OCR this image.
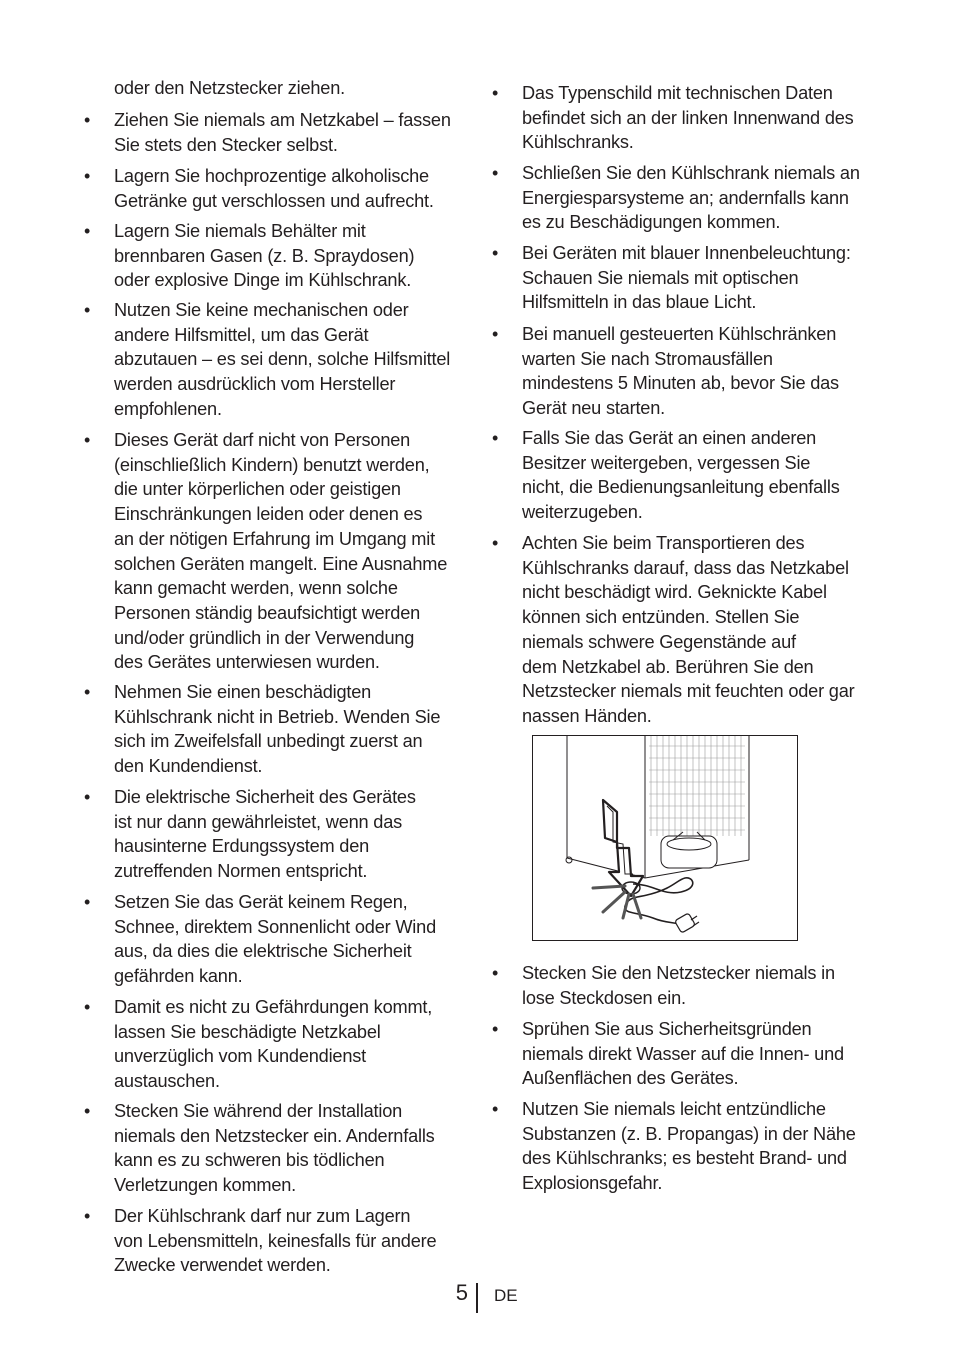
oder den Netzstecker ziehen.
• Ziehen Sie niemals am Netzkabel – fassen
Sie stets den Stecker selbst.
• Lagern Sie hochprozentige alkoholische
Getränke gut verschlossen und aufrecht.
• Lagern Sie niemals Behälter mit
brennbaren Gasen (z. B. Spraydosen)
oder explosive Dinge im Kühlschrank.
• Nutzen Sie keine mechanischen oder
andere Hilfsmittel, um das Gerät
abzutauen – es sei denn, solche Hilfsmittel
werden ausdrücklich vom Hersteller
empfohlenen.
• Dieses Gerät darf nicht von Personen
(einschließlich Kindern) benutzt werden,
die unter körperlichen oder geistigen
Einschränkungen leiden oder denen es
an der nötigen Erfahrung im Umgang mit
solchen Geräten mangelt. Eine Ausnahme
kann gemacht werden, wenn solche
Personen ständig beaufsichtigt werden
und/oder gründlich in der Verwendung
des Gerätes unterwiesen wurden.
• Nehmen Sie einen beschädigten
Kühlschrank nicht in Betrieb. Wenden Sie
sich im Zweifelsfall unbedingt zuerst an
den Kundendienst.
• Die elektrische Sicherheit des Gerätes
ist nur dann gewährleistet, wenn das
hausinterne Erdungssystem den
zutreffenden Normen entspricht.
• Setzen Sie das Gerät keinem Regen,
Schnee, direktem Sonnenlicht oder Wind
aus, da dies die elektrische Sicherheit
gefährden kann.
• Damit es nicht zu Gefährdungen kommt,
lassen Sie beschädigte Netzkabel
unverzüglich vom Kundendienst
austauschen.
• Stecken Sie während der Installation
niemals den Netzstecker ein. Andernfalls
kann es zu schweren bis tödlichen
Verletzungen kommen.
• Der Kühlschrank darf nur zum Lagern
von Lebensmitteln, keinesfalls für andere
Zwecke verwendet werden.
• Das Typenschild mit technischen Daten
befindet sich an der linken Innenwand des
Kühlschranks.
• Schließen Sie den Kühlschrank niemals an
Energiesparsysteme an; andernfalls kann
es zu Beschädigungen kommen.
• Bei Geräten mit blauer Innenbeleuchtung:
Schauen Sie niemals mit optischen
Hilfsmitteln in das blaue Licht.
• Bei manuell gesteuerten Kühlschränken
warten Sie nach Stromausfällen
mindestens 5 Minuten ab, bevor Sie das
Gerät neu starten.
• Falls Sie das Gerät an einen anderen
Besitzer weitergeben, vergessen Sie
nicht, die Bedienungsanleitung ebenfalls
weiterzugeben.
• Achten Sie beim Transportieren des
Kühlschranks darauf, dass das Netzkabel
nicht beschädigt wird. Geknickte Kabel
können sich entzünden. Stellen Sie
niemals schwere Gegenstände auf
dem Netzkabel ab. Berühren Sie den
Netzstecker niemals mit feuchten oder gar
nassen Händen.
• Stecken Sie den Netzstecker niemals in
lose Steckdosen ein.
• Sprühen Sie aus Sicherheitsgründen
niemals direkt Wasser auf die Innen- und
Außenflächen des Gerätes.
• Nutzen Sie niemals leicht entzündliche
Substanzen (z. B. Propangas) in der Nähe
des Kühlschranks; es besteht Brand- und
Explosionsgefahr.
5 DE
